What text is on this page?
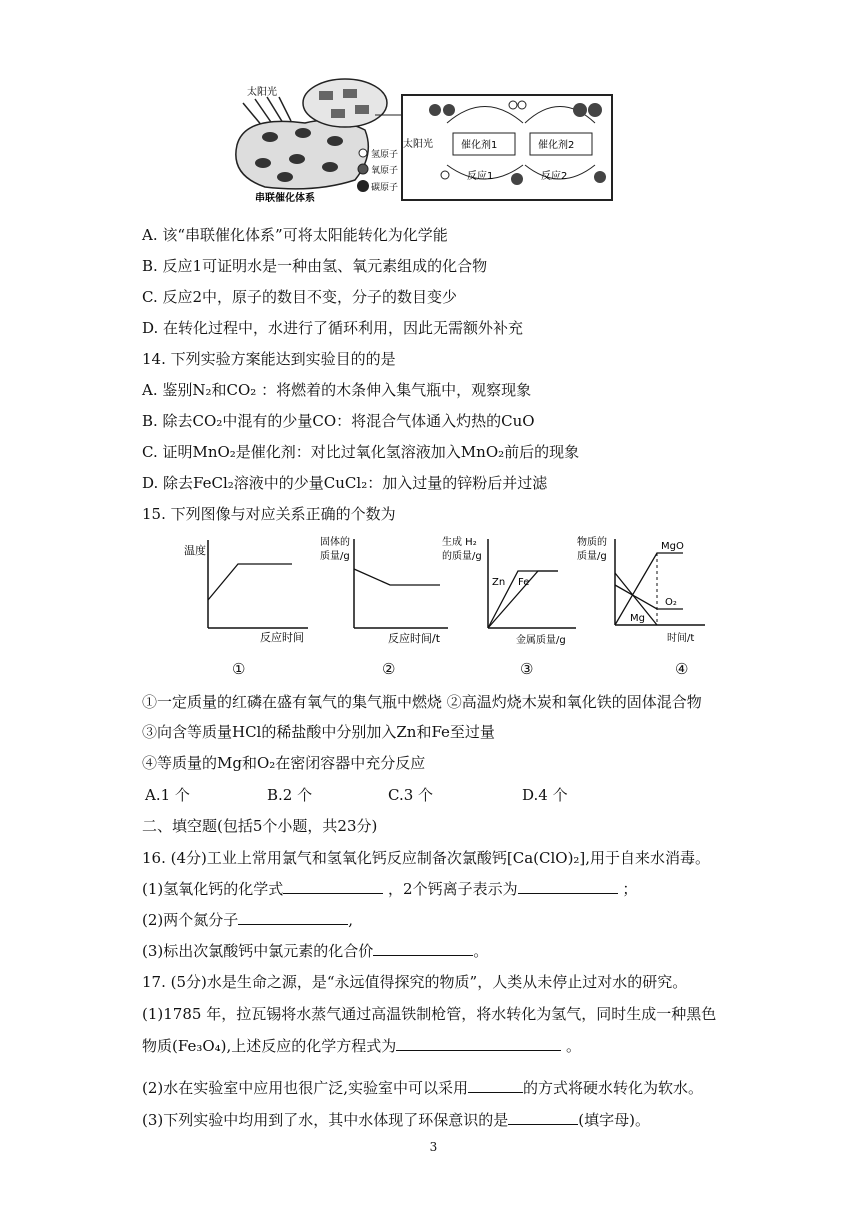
太阳光
串联催化体系
氢原子
氧原子
碳原子
太阳光	催化剂1	催化剂2
反应1	反应2
A. 该“串联催化体系”可将太阳能转化为化学能
B. 反应1可证明水是一种由氢、氧元素组成的化合物
C. 反应2中，原子的数目不变，分子的数目变少
D. 在转化过程中，水进行了循环利用，因此无需额外补充
14. 下列实验方案能达到实验目的的是
A. 鉴别N₂和CO₂ ：将燃着的木条伸入集气瓶中，观察现象
B. 除去CO₂中混有的少量CO：将混合气体通入灼热的CuO
C. 证明MnO₂是催化剂：对比过氧化氢溶液加入MnO₂前后的现象
D. 除去FeCl₂溶液中的少量CuCl₂：加入过量的锌粉后并过滤
15. 下列图像与对应关系正确的个数为
温度
反应时间
固体的
质量/g
反应时间/t
生成 H₂
的质量/g
Zn Fe
金属质量/g
物质的
质量/g
MgO
O₂
Mg
时间/t
①	②	③	④
①一定质量的红磷在盛有氧气的集气瓶中燃烧 ②高温灼烧木炭和氧化铁的固体混合物
③向含等质量HCl的稀盐酸中分别加入Zn和Fe至过量
④等质量的Mg和O₂在密闭容器中充分反应
A.1 个	B.2 个	C.3 个	D.4 个
二、填空题(包括5个小题，共23分)
16. (4分)工业上常用氯气和氢氧化钙反应制备次氯酸钙[Ca(ClO)₂],用于自来水消毒。
(1)氢氧化钙的化学式	，2个钙离子表示为	；
(2)两个氮分子	,
(3)标出次氯酸钙中氯元素的化合价	。
17. (5分)水是生命之源，是“永远值得探究的物质”，人类从未停止过对水的研究。
(1)1785 年，拉瓦锡将水蒸气通过高温铁制枪管，将水转化为氢气，同时生成一种黑色
物质(Fe₃O₄),上述反应的化学方程式为	。
(2)水在实验室中应用也很广泛,实验室中可以采用	的方式将硬水转化为软水。
(3)下列实验中均用到了水，其中水体现了环保意识的是	(填字母)。
3
